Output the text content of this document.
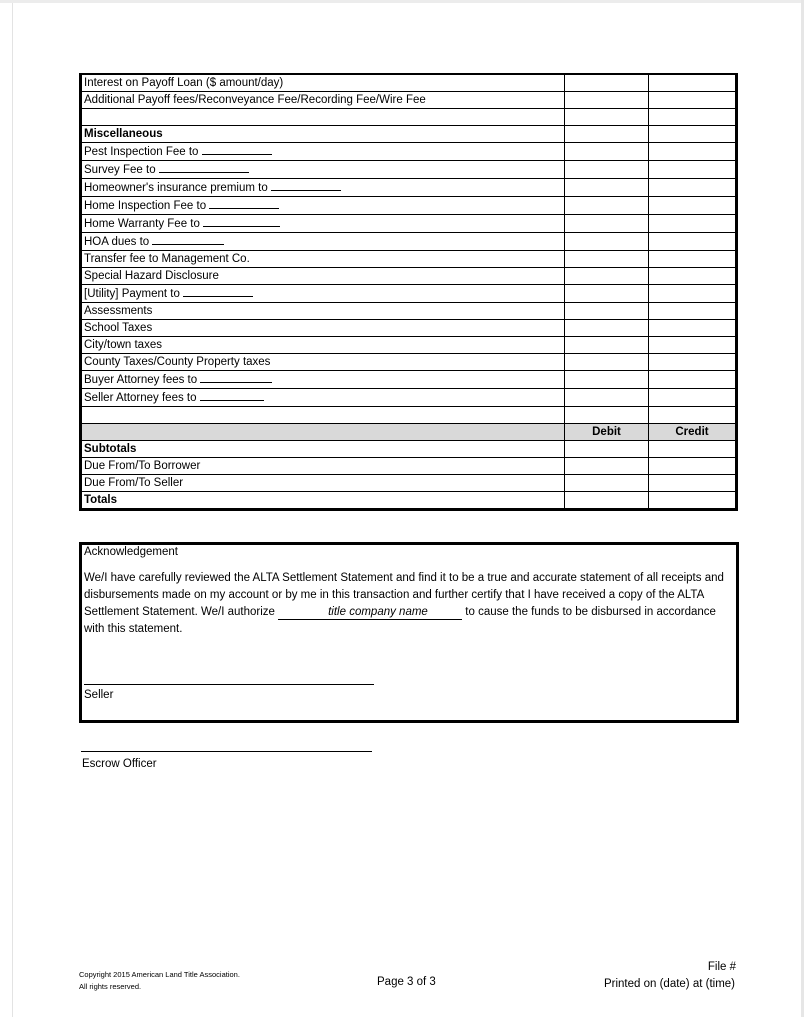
Interest on Payoff Loan ($ amount/day)		
Additional Payoff fees/Reconveyance Fee/Recording Fee/Wire Fee		

Miscellaneous		
Pest Inspection Fee to		
Survey Fee to		
Homeowner's insurance premium to		
Home Inspection Fee to		
Home Warranty Fee to		
HOA dues to		
Transfer fee to Management Co.		
Special Hazard Disclosure		
[Utility] Payment to		
Assessments		
School Taxes		
City/town taxes		
County Taxes/County Property taxes		
Buyer Attorney fees to		
Seller Attorney fees to		

	Debit	Credit
Subtotals		
Due From/To Borrower		
Due From/To Seller		
Totals		
Acknowledgement
We/I have carefully reviewed the ALTA Settlement Statement and find it to be a true and accurate statement of all receipts and disbursements made on my account or by me in this transaction and further certify that I have received a copy of the ALTA Settlement Statement. We/I authorize	title company name	to cause the funds to be disbursed in accordance with this statement.
Seller
Escrow Officer
Copyright 2015 American Land Title Association.
All rights reserved.	Page 3 of 3
File #
Printed on (date) at (time)
